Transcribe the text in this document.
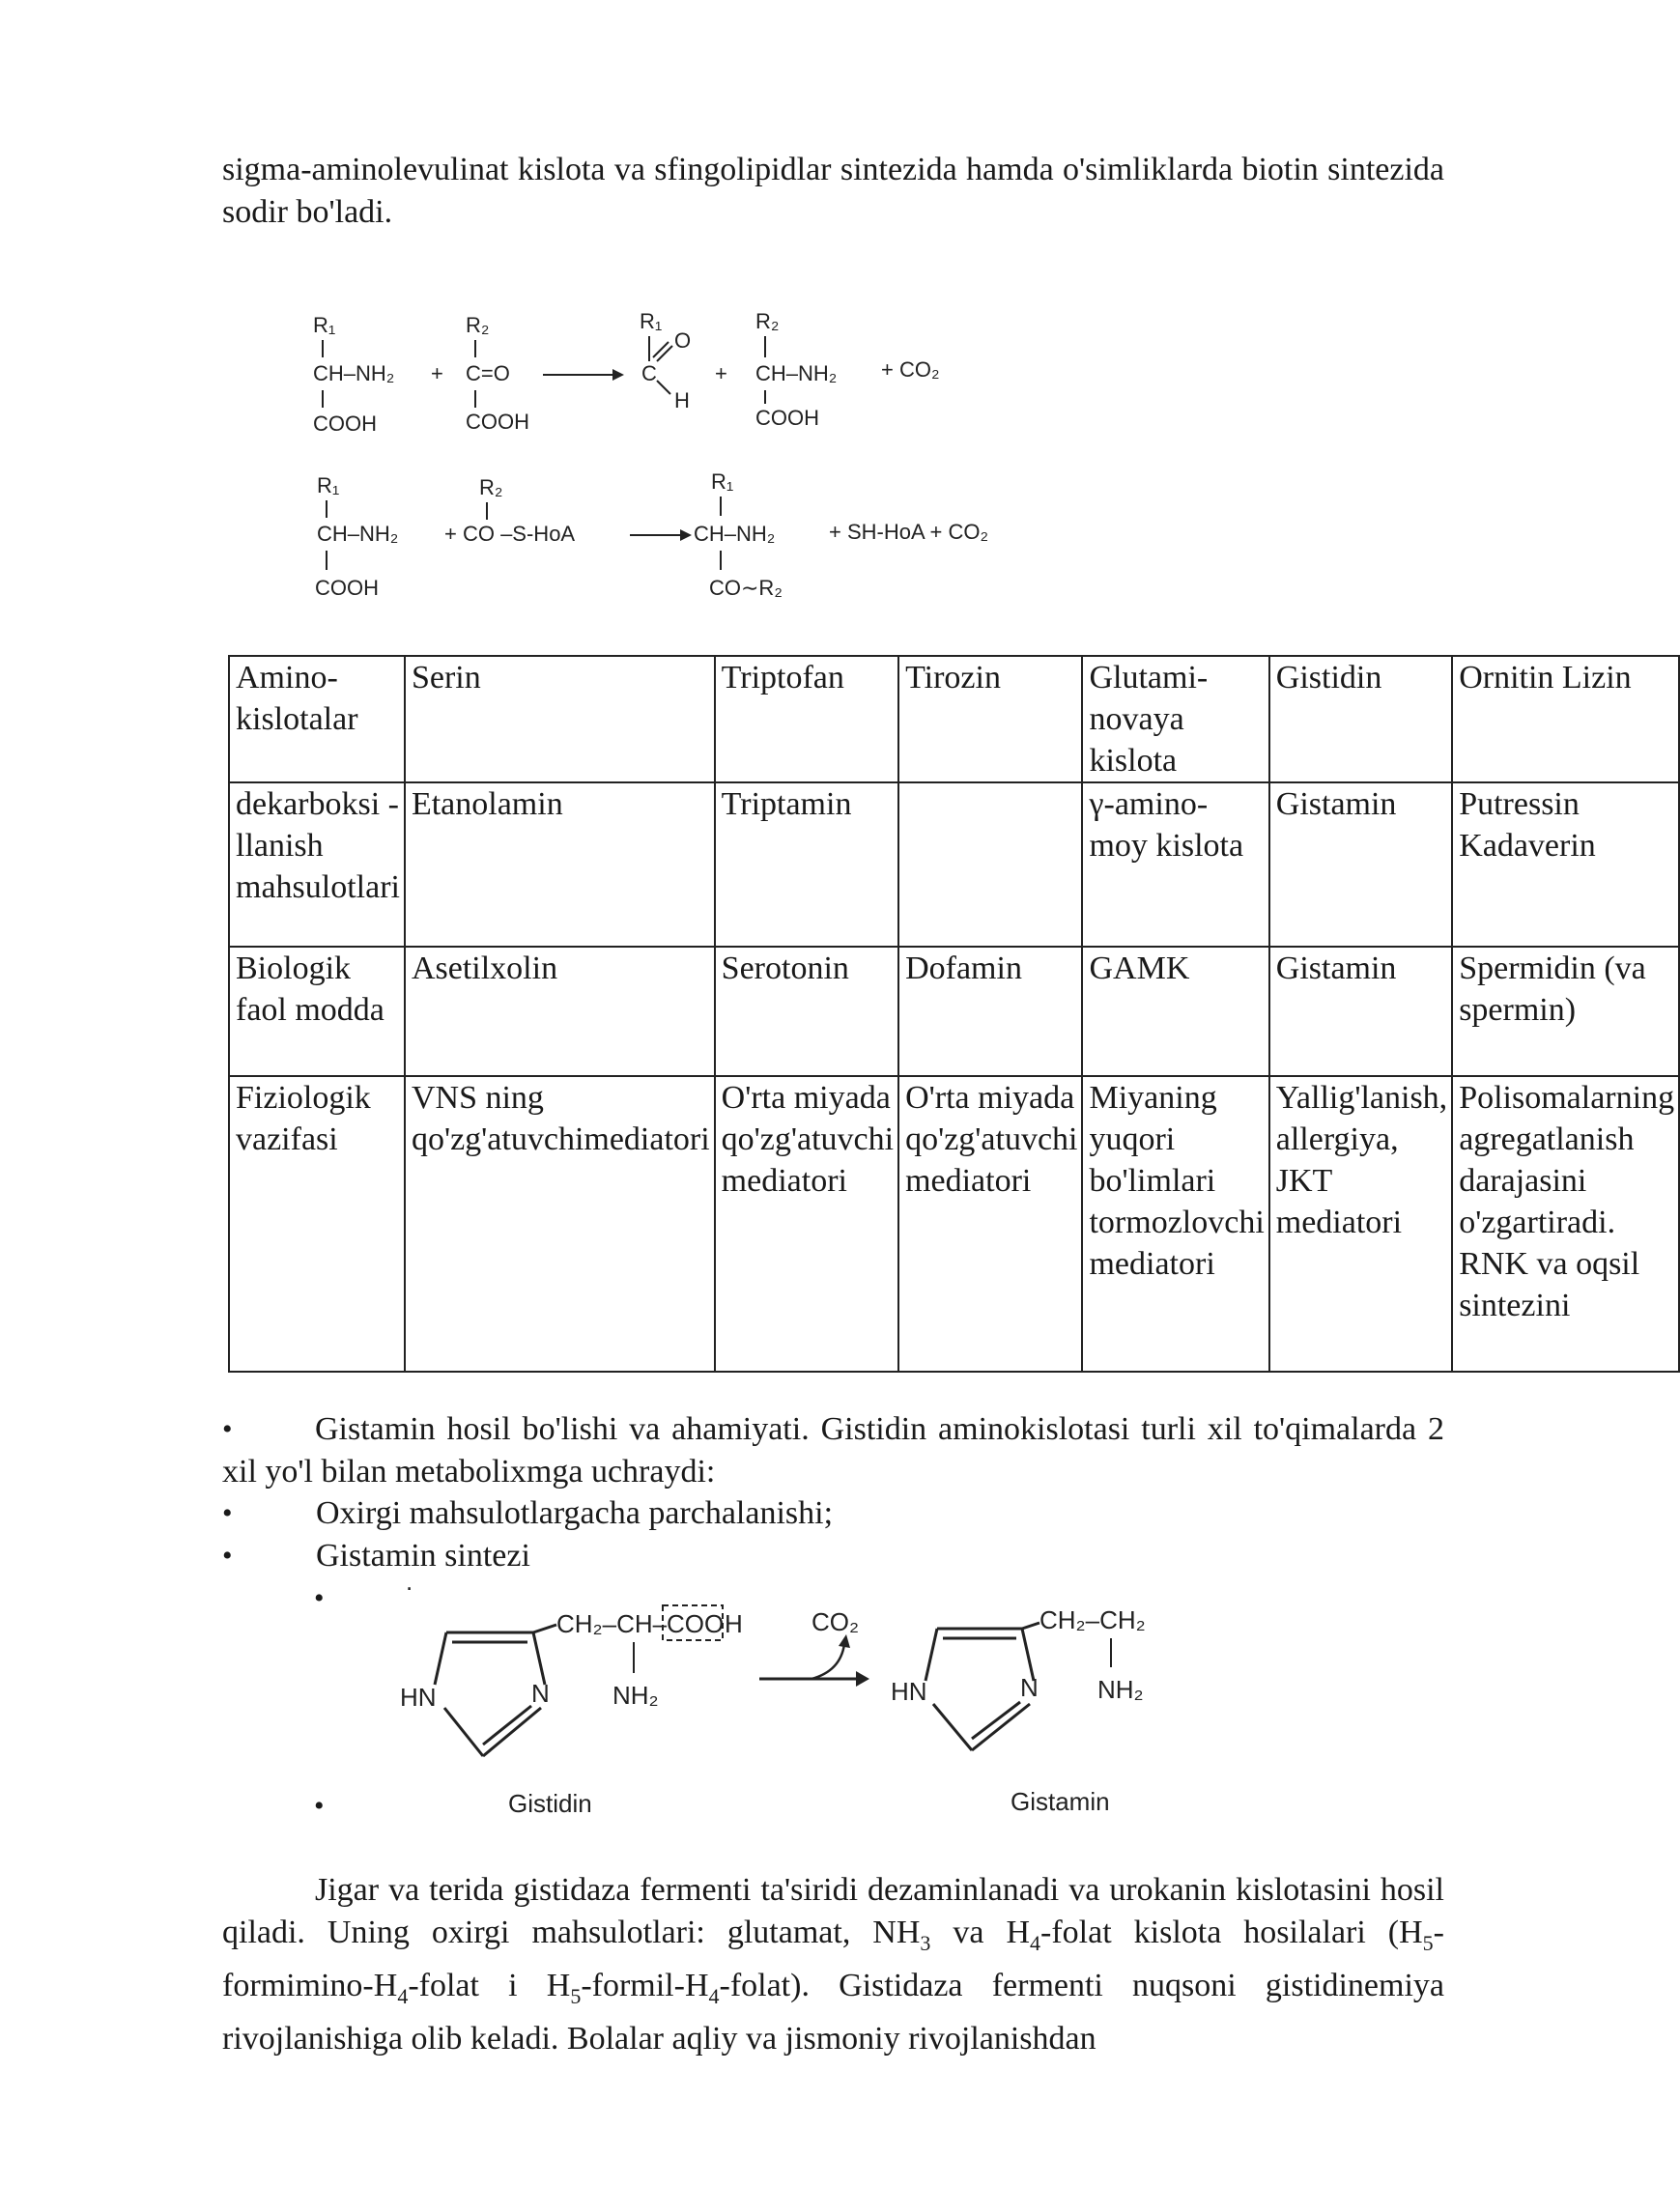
sigma-aminolevulinat kislota va sfingolipidlar sintezida hamda o'simliklarda biotin sintezida sodir bo'ladi.
R₁
CH–NH₂
COOH
+
R₂
C=O
COOH
R₁
O
C
H
+
R₂
CH–NH₂
COOH
+ CO₂
R₁
CH–NH₂
COOH
R₂
+ CO –S-HoA
R₁
CH–NH₂
CO∼R₂
+ SH-HoA + CO₂
Amino-kislotalar	Serin	Triptofan	Tirozin	Glutami-novaya kislota	Gistidin	Ornitin Lizin
dekarboksi - llanish mahsulotlari	Etanolamin	Triptamin		γ-amino-moy kislota	Gistamin	Putressin Kadaverin
Biologik faol modda	Asetilxolin	Serotonin	Dofamin	GAMK	Gistamin	Spermidin (va spermin)
Fiziologik vazifasi	VNS ning qo'zg'atuvchimediatori	O'rta miyada qo'zg'atuvchi mediatori	O'rta miyada qo'zg'atuvchi mediatori	Miyaning yuqori bo'limlari tormozlovchi mediatori	Yallig'lanish, allergiya, JKT mediatori	Polisomalarning agregatlanish darajasini o'zgartiradi. RNK va oqsil sintezini
•	Gistamin hosil bo'lishi va ahamiyati. Gistidin aminokislotasi turli xil to'qimalarda 2 xil yo'l bilan metabolixmga uchraydi:
•	Oxirgi mahsulotlargacha parchalanishi;
•	Gistamin sintezi
•
•
.
HN	N
CH₂–CH– COO H
NH₂
CO₂
HN	N
CH₂–CH₂
NH₂
Gistidin	Gistamin
Jigar va terida gistidaza fermenti ta'siridi dezaminlanadi va urokanin kislotasini hosil qiladi. Uning oxirgi mahsulotlari: glutamat, $NH_3$ va $H_4$-folat kislota hosilalari ($H_5-formimino-H_4$-folat i $H_5-formil-H_4-folat$). Gistidaza fermenti nuqsoni gistidinemiya rivojlanishiga olib keladi. Bolalar aqliy va jismoniy rivojlanishdan
